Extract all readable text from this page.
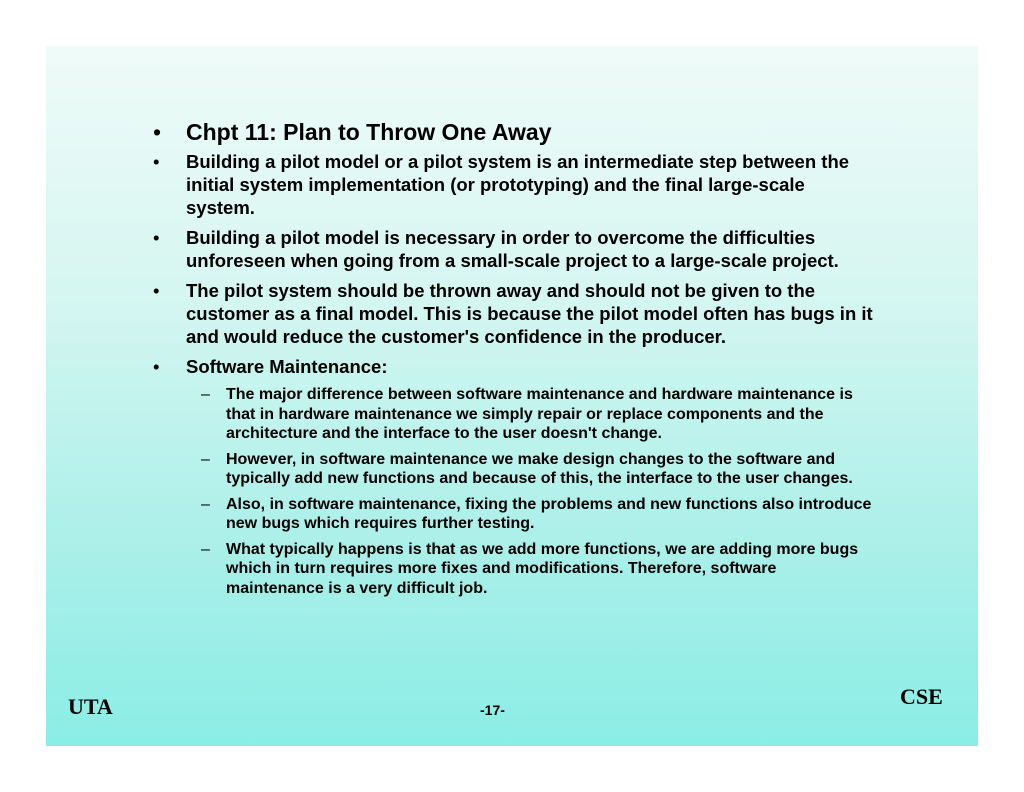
• Chpt 11: Plan to Throw One Away
• Building a pilot model or a pilot system is an intermediate step between the initial system implementation (or prototyping) and the final large-scale system.
• Building a pilot model is necessary in order to overcome the difficulties unforeseen when going from a small-scale project to a large-scale project.
• The pilot system should be thrown away and should not be given to the customer as a final model. This is because the pilot model often has bugs in it and would reduce the customer's confidence in the producer.
• Software Maintenance:
– The major difference between software maintenance and hardware maintenance is that in hardware maintenance we simply repair or replace components and the architecture and the interface to the user doesn't change.
– However, in software maintenance we make design changes to the software and typically add new functions and because of this, the interface to the user changes.
– Also, in software maintenance, fixing the problems and new functions also introduce new bugs which requires further testing.
– What typically happens is that as we add more functions, we are adding more bugs which in turn requires more fixes and modifications. Therefore, software maintenance is a very difficult job.
UTA	-17-
CSE
